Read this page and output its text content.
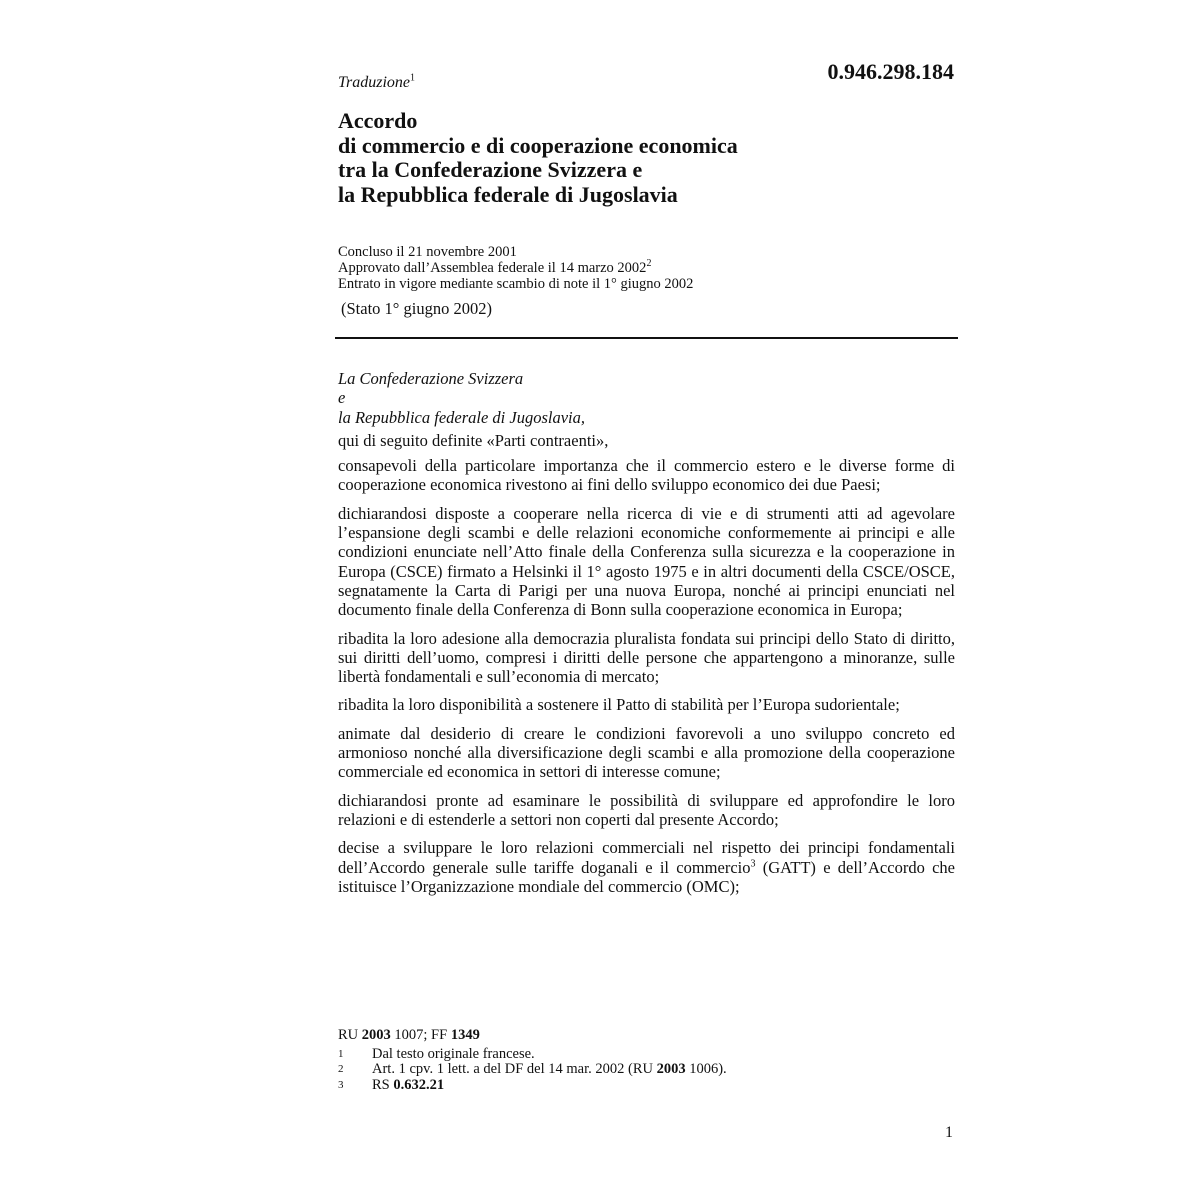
0.946.298.184
Traduzione$^1$
Accordo
di commercio e di cooperazione economica
tra la Confederazione Svizzera e
la Repubblica federale di Jugoslavia
Concluso il 21 novembre 2001
Approvato dall’Assemblea federale il 14 marzo 2002$^2$
Entrato in vigore mediante scambio di note il 1° giugno 2002
(Stato 1° giugno 2002)
La Confederazione Svizzera
e
la Repubblica federale di Jugoslavia,
qui di seguito definite «Parti contraenti»,

consapevoli della particolare importanza che il commercio estero e le diverse forme di cooperazione economica rivestono ai fini dello sviluppo economico dei due Paesi;

dichiarandosi disposte a cooperare nella ricerca di vie e di strumenti atti ad agevolare l’espansione degli scambi e delle relazioni economiche conformemente ai principi e alle condizioni enunciate nell’Atto finale della Conferenza sulla sicurezza e la cooperazione in Europa (CSCE) firmato a Helsinki il 1° agosto 1975 e in altri documenti della CSCE/OSCE, segnatamente la Carta di Parigi per una nuova Europa, nonché ai principi enunciati nel documento finale della Conferenza di Bonn sulla cooperazione economica in Europa;

ribadita la loro adesione alla democrazia pluralista fondata sui principi dello Stato di diritto, sui diritti dell’uomo, compresi i diritti delle persone che appartengono a minoranze, sulle libertà fondamentali e sull’economia di mercato;

ribadita la loro disponibilità a sostenere il Patto di stabilità per l’Europa sudorientale;

animate dal desiderio di creare le condizioni favorevoli a uno sviluppo concreto ed armonioso nonché alla diversificazione degli scambi e alla promozione della cooperazione commerciale ed economica in settori di interesse comune;

dichiarandosi pronte ad esaminare le possibilità di sviluppare ed approfondire le loro relazioni e di estenderle a settori non coperti dal presente Accordo;

decise a sviluppare le loro relazioni commerciali nel rispetto dei principi fondamentali dell’Accordo generale sulle tariffe doganali e il commercio$^3$ (GATT) e dell’Accordo che istituisce l’Organizzazione mondiale del commercio (OMC);

RU 2003 1007; FF 1349
1	Dal testo originale francese.
2	Art. 1 cpv. 1 lett. a del DF del 14 mar. 2002 (RU 2003 1006).
3	RS 0.632.21
1
